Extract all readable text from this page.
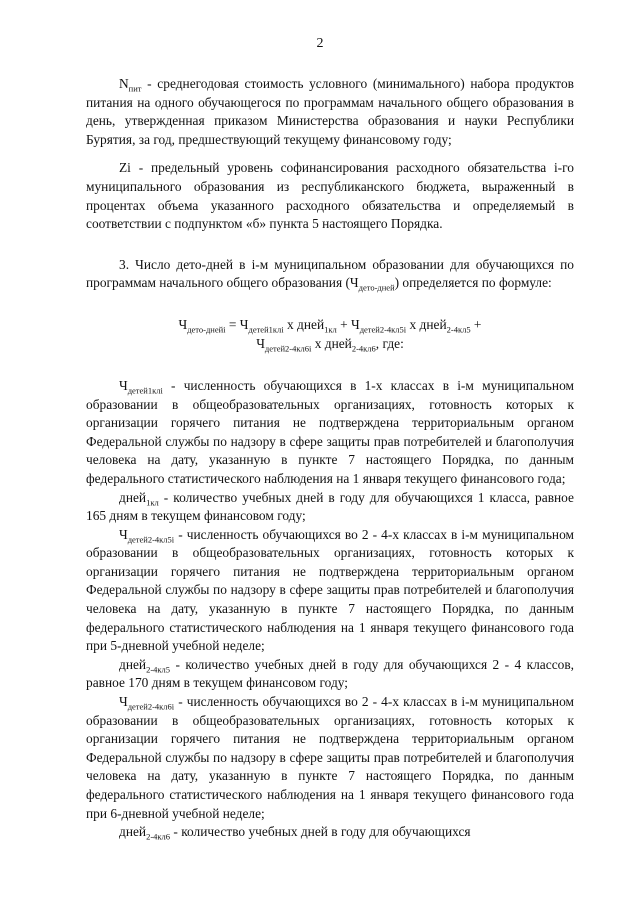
2

$N_{пит}$ - среднегодовая стоимость условного (минимального) набора продуктов питания на одного обучающегося по программам начального общего образования в день, утвержденная приказом Министерства образования и науки Республики Бурятия, за год, предшествующий текущему финансовому году;

Zi - предельный уровень софинансирования расходного обязательства i-го муниципального образования из республиканского бюджета, выраженный в процентах объема указанного расходного обязательства и определяемый в соответствии с подпунктом «б» пункта 5 настоящего Порядка.

3. Число дето-дней в i-м муниципальном образовании для обучающихся по программам начального общего образования $(Ч_{дето-дней})$ определяется по формуле:

$Ч_{дето-днейi} = Ч_{детей1клi}$ х дней$_{1кл}$ + $Ч_{детей2-4кл5i}$ х дней$_{2-4кл5}$ +
$Ч_{детей2-4кл6i}$ х дней$_{2-4кл6}$, где:

$Ч_{детей1клi}$ - численность обучающихся в 1-х классах в i-м муниципальном образовании в общеобразовательных организациях, готовность которых к организации горячего питания не подтверждена территориальным органом Федеральной службы по надзору в сфере защиты прав потребителей и благополучия человека на дату, указанную в пункте 7 настоящего Порядка, по данным федерального статистического наблюдения на 1 января текущего финансового года;

дней$_{1кл}$ - количество учебных дней в году для обучающихся 1 класса, равное 165 дням в текущем финансовом году;

$Ч_{детей2-4кл5i}$ - численность обучающихся во 2 - 4-х классах в i-м муниципальном образовании в общеобразовательных организациях, готовность которых к организации горячего питания не подтверждена территориальным органом Федеральной службы по надзору в сфере защиты прав потребителей и благополучия человека на дату, указанную в пункте 7 настоящего Порядка, по данным федерального статистического наблюдения на 1 января текущего финансового года при 5-дневной учебной неделе;

дней$_{2-4кл5}$ - количество учебных дней в году для обучающихся 2 - 4 классов, равное 170 дням в текущем финансовом году;

$Ч_{детей2-4кл6i}$ - численность обучающихся во 2 - 4-х классах в i-м муниципальном образовании в общеобразовательных организациях, готовность которых к организации горячего питания не подтверждена территориальным органом Федеральной службы по надзору в сфере защиты прав потребителей и благополучия человека на дату, указанную в пункте 7 настоящего Порядка, по данным федерального статистического наблюдения на 1 января текущего финансового года при 6-дневной учебной неделе;

дней$_{2-4кл6}$ - количество учебных дней в году для обучающихся
